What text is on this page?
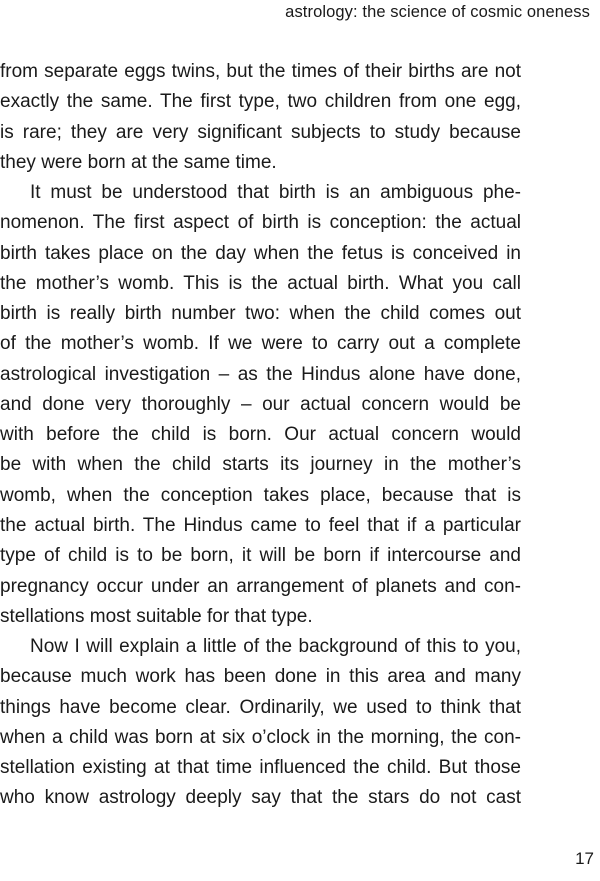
astrology: the science of cosmic oneness
from separate eggs twins, but the times of their births are not
exactly the same. The first type, two children from one egg,
is rare; they are very significant subjects to study because
they were born at the same time.
It must be understood that birth is an ambiguous phe-
nomenon. The first aspect of birth is conception: the actual
birth takes place on the day when the fetus is conceived in
the mother’s womb. This is the actual birth. What you call
birth is really birth number two: when the child comes out
of the mother’s womb. If we were to carry out a complete
astrological investigation – as the Hindus alone have done,
and done very thoroughly – our actual concern would be
with before the child is born. Our actual concern would
be with when the child starts its journey in the mother’s
womb, when the conception takes place, because that is
the actual birth. The Hindus came to feel that if a particular
type of child is to be born, it will be born if intercourse and
pregnancy occur under an arrangement of planets and con-
stellations most suitable for that type.
Now I will explain a little of the background of this to you,
because much work has been done in this area and many
things have become clear. Ordinarily, we used to think that
when a child was born at six o’clock in the morning, the con-
stellation existing at that time influenced the child. But those
who know astrology deeply say that the stars do not cast
17
